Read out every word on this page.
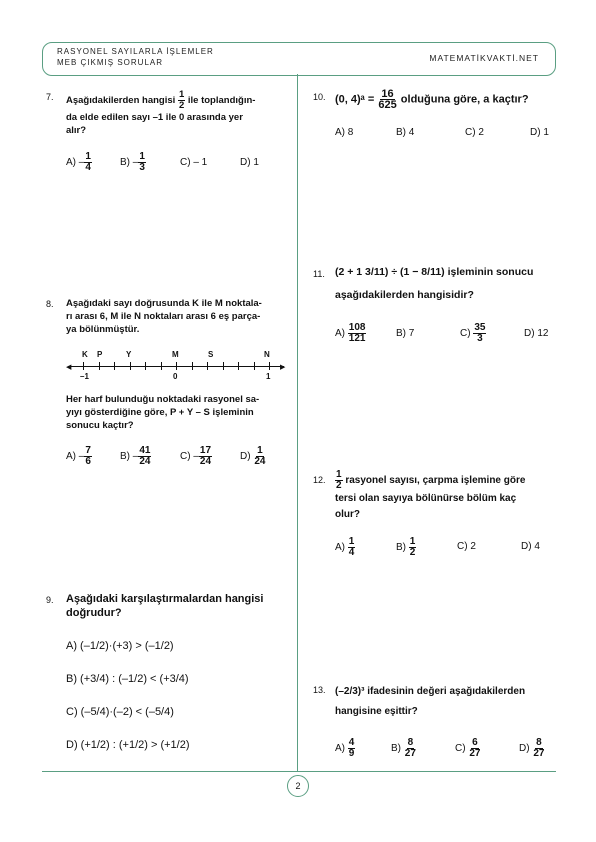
RASYONEL SAYILARLA İŞLEMLER
MEB ÇIKMIŞ SORULAR	MATEMATİKVAKTİ.NET
2
7. Aşağıdakilerden hangisi $\frac{1}{2}$ ile toplandığın-
da elde edilen sayı –1 ile 0 arasında yer
alır?
$A) - \frac{1}{4}$	$B) - \frac{1}{3}$	C) – 1	D) 1
8. Aşağıdaki sayı doğrusunda K ile M noktala-
rı arası 6, M ile N noktaları arası 6 eş parça-
ya bölünmüştür.
◀	▶
K P	Y	M	S	N
–1	0	1
Her harf bulunduğu noktadaki rasyonel sa-
yıyı gösterdiğine göre, P + Y – S işleminin
sonucu kaçtır?
$A) - \frac{7}{6}$	$B) - \frac{41}{24}$	$C) - \frac{17}{24}$	$D) \frac{1}{24}$
9. Aşağıdaki karşılaştırmalardan hangisi
doğrudur?
A) (–1/2)·(+3) > (–1/2)
B) (+3/4) : (–1/2) < (+3/4)
C) (–5/4)·(–2) < (–5/4)
D) (+1/2) : (+1/2) > (+1/2)
10. (0, 4)ᵃ = $\frac{16}{625}$ olduğuna göre, a kaçtır?
A) 8	B) 4	C) 2	D) 1
11. (2 + 1 3/11) ÷ (1 − 8/11) işleminin sonucu
aşağıdakilerden hangisidir?
$A) \frac{108}{121}$	B) 7	$C) \frac{35}{3}$	D) 12
12. $\frac{1}{2}$ rasyonel sayısı, çarpma işlemine göre
tersi olan sayıya bölünürse bölüm kaç
olur?
$A) \frac{1}{4}$	$B) \frac{1}{2}$	C) 2	D) 4
13. (–2/3)³ ifadesinin değeri aşağıdakilerden
hangisine eşittir?
$A) \frac{4}{9}$	$B) \frac{8}{27}$	$C) \frac{6}{27}$	$D) \frac{8}{27}$
